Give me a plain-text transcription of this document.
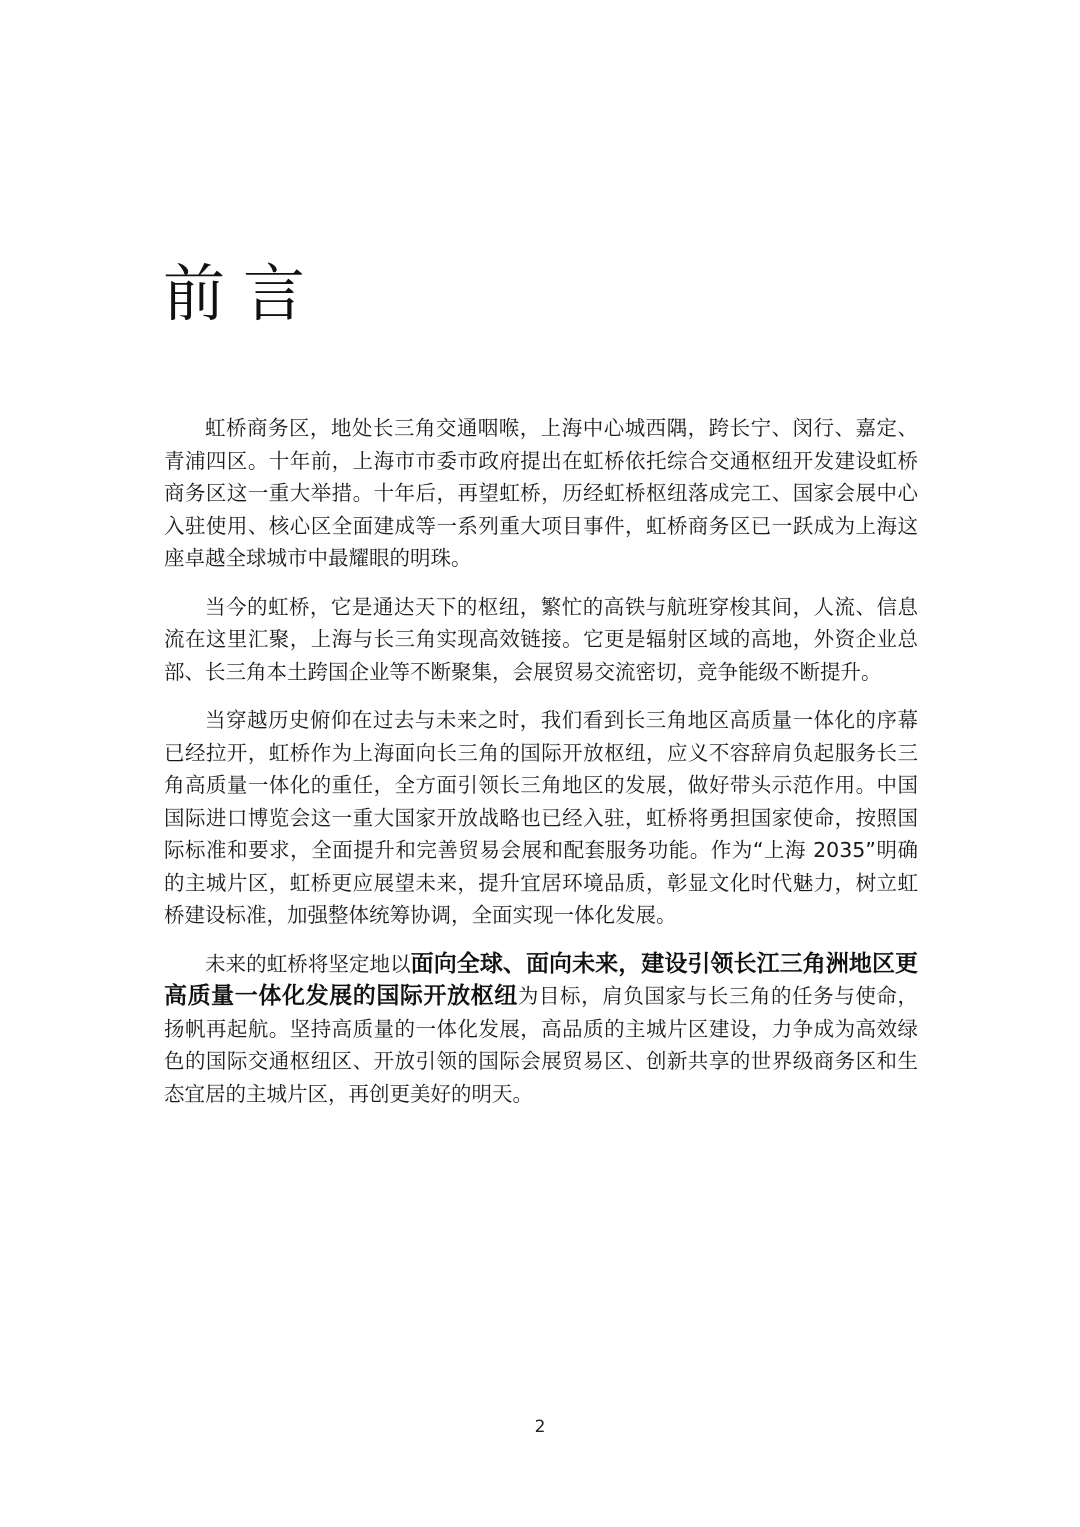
前言

虹桥商务区，地处长三角交通咽喉，上海中心城西隅，跨长宁、闵行、嘉定、青浦四区。十年前，上海市市委市政府提出在虹桥依托综合交通枢纽开发建设虹桥商务区这一重大举措。十年后，再望虹桥，历经虹桥枢纽落成完工、国家会展中心入驻使用、核心区全面建成等一系列重大项目事件，虹桥商务区已一跃成为上海这座卓越全球城市中最耀眼的明珠。

当今的虹桥，它是通达天下的枢纽，繁忙的高铁与航班穿梭其间，人流、信息流在这里汇聚，上海与长三角实现高效链接。它更是辐射区域的高地，外资企业总部、长三角本土跨国企业等不断聚集，会展贸易交流密切，竞争能级不断提升。

当穿越历史俯仰在过去与未来之时，我们看到长三角地区高质量一体化的序幕已经拉开，虹桥作为上海面向长三角的国际开放枢纽，应义不容辞肩负起服务长三角高质量一体化的重任，全方面引领长三角地区的发展，做好带头示范作用。中国国际进口博览会这一重大国家开放战略也已经入驻，虹桥将勇担国家使命，按照国际标准和要求，全面提升和完善贸易会展和配套服务功能。作为“上海 2035”明确的主城片区，虹桥更应展望未来，提升宜居环境品质，彰显文化时代魅力，树立虹桥建设标准，加强整体统筹协调，全面实现一体化发展。

未来的虹桥将坚定地以面向全球、面向未来，建设引领长江三角洲地区更高质量一体化发展的国际开放枢纽为目标，肩负国家与长三角的任务与使命，扬帆再起航。坚持高质量的一体化发展，高品质的主城片区建设，力争成为高效绿色的国际交通枢纽区、开放引领的国际会展贸易区、创新共享的世界级商务区和生态宜居的主城片区，再创更美好的明天。

2
